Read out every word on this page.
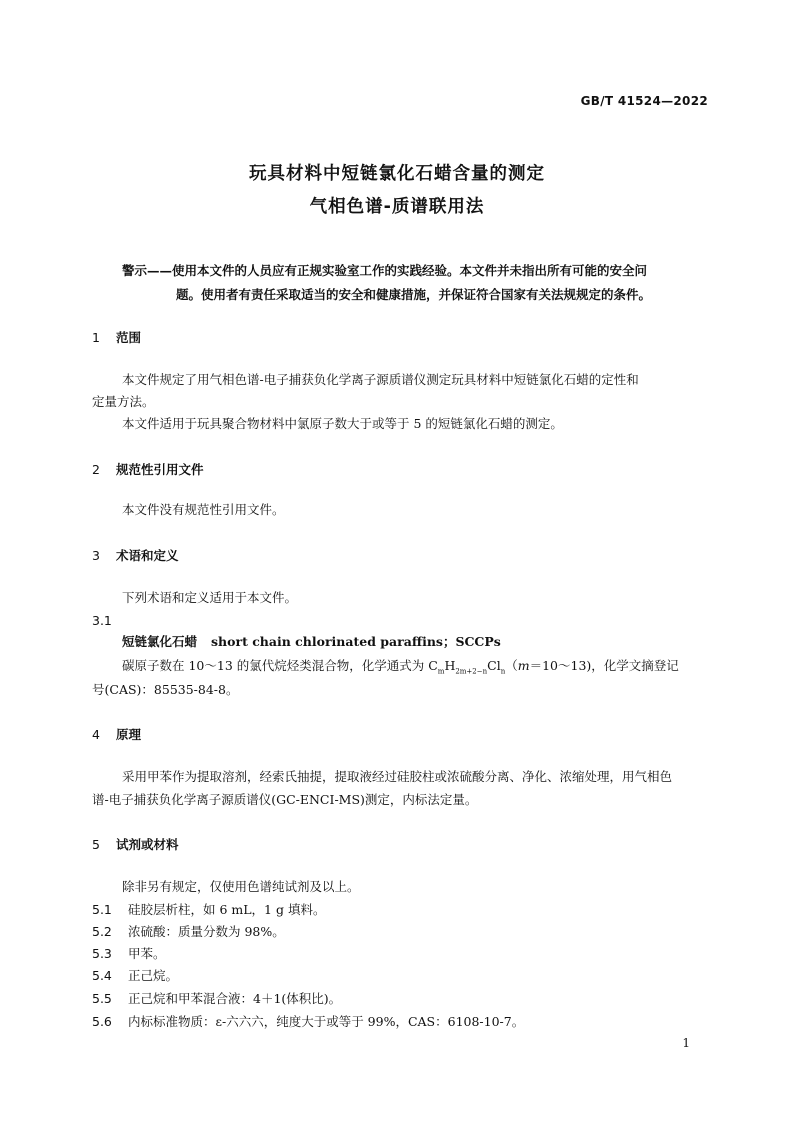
GB/T 41524—2022
玩具材料中短链氯化石蜡含量的测定
气相色谱-质谱联用法
警示——使用本文件的人员应有正规实验室工作的实践经验。本文件并未指出所有可能的安全问
题。使用者有责任采取适当的安全和健康措施，并保证符合国家有关法规规定的条件。
1 范围
本文件规定了用气相色谱-电子捕获负化学离子源质谱仪测定玩具材料中短链氯化石蜡的定性和
定量方法。
本文件适用于玩具聚合物材料中氯原子数大于或等于 5 的短链氯化石蜡的测定。
2 规范性引用文件
本文件没有规范性引用文件。
3 术语和定义
下列术语和定义适用于本文件。
3.1
短链氯化石蜡 short chain chlorinated paraffins；SCCPs
碳原子数在 10～13 的氯代烷烃类混合物，化学通式为 $C_mH_{2m+2-n}Cl_n(m=10\sim 13)$，化学文摘登记
号(CAS)：85535-84-8。
4 原理
采用甲苯作为提取溶剂，经索氏抽提，提取液经过硅胶柱或浓硫酸分离、净化、浓缩处理，用气相色
谱-电子捕获负化学离子源质谱仪(GC-ENCI-MS)测定，内标法定量。
5 试剂或材料
除非另有规定，仅使用色谱纯试剂及以上。
5.1 硅胶层析柱，如 6 mL，1 g 填料。
5.2 浓硫酸：质量分数为 98%。
5.3 甲苯。
5.4 正己烷。
5.5 正己烷和甲苯混合液：4＋1(体积比)。
5.6 内标标准物质：ε-六六六，纯度大于或等于 99%，CAS：6108-10-7。
1
